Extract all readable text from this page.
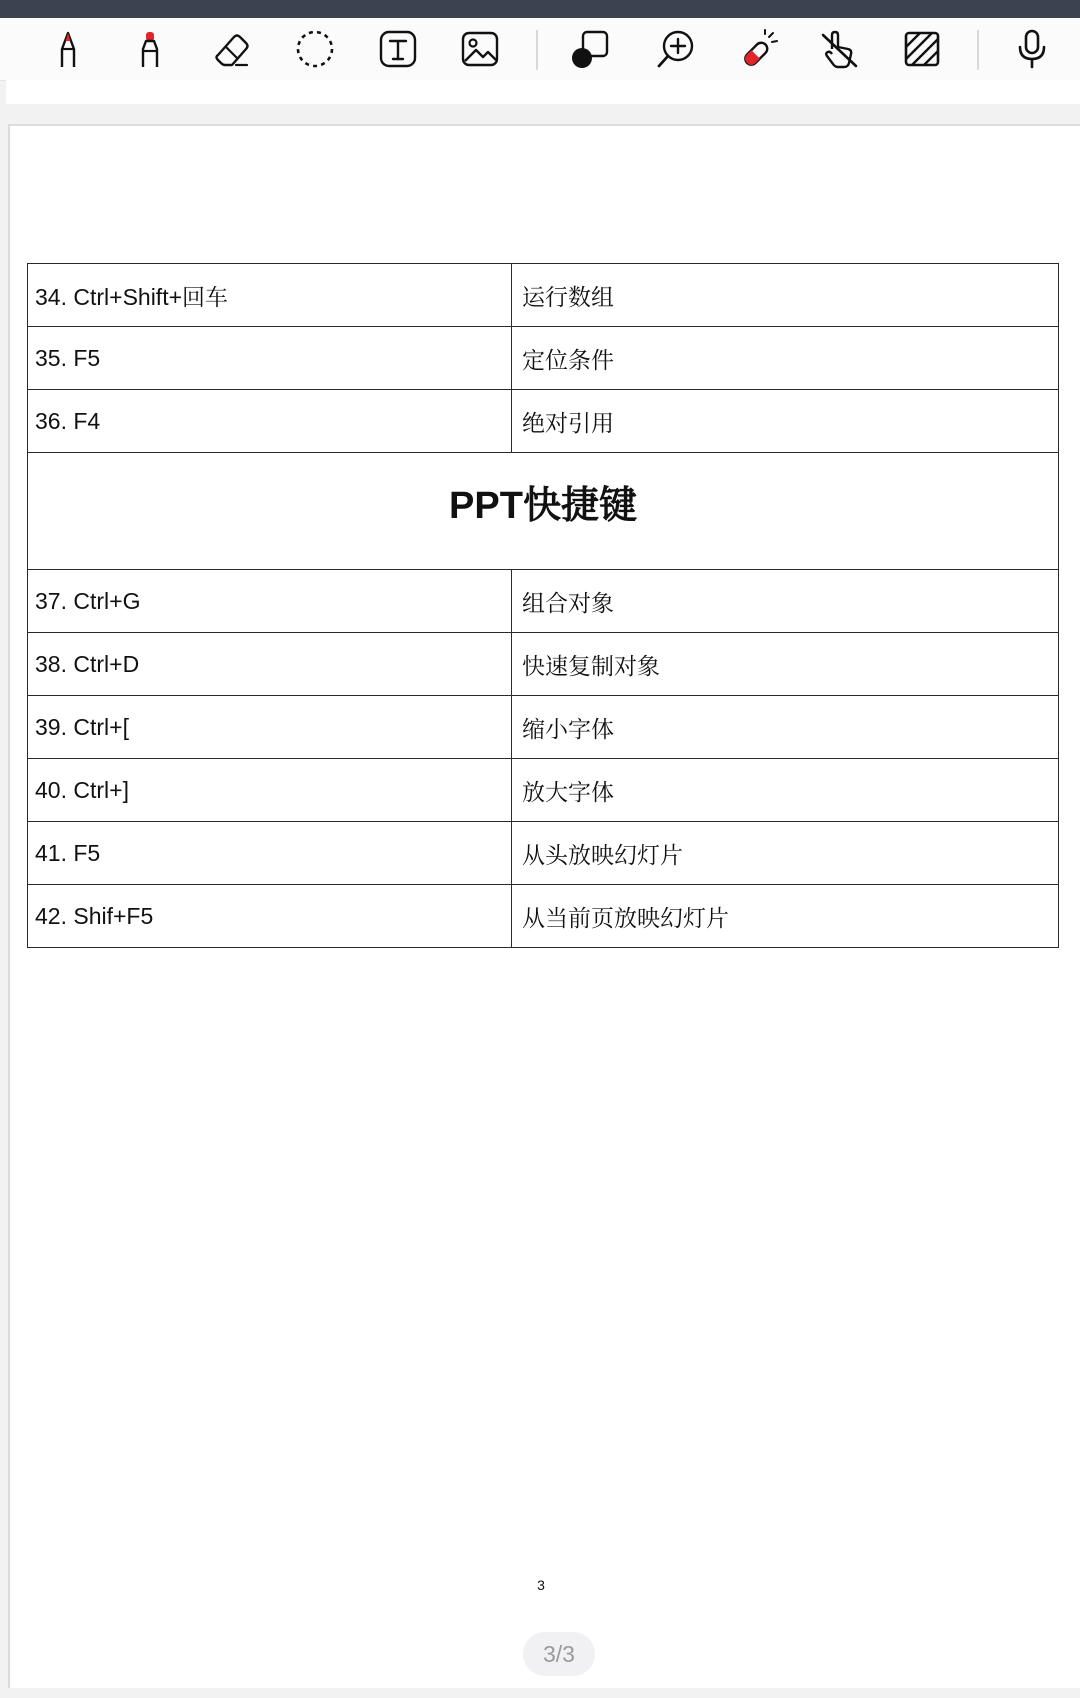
34. Ctrl+Shift+回车	运行数组
35. F5	定位条件
36. F4	绝对引用
PPT快捷键	
37. Ctrl+G	组合对象
38. Ctrl+D	快速复制对象
39. Ctrl+[	缩小字体
40. Ctrl+]	放大字体
41. F5	从头放映幻灯片
42. Shif+F5	从当前页放映幻灯片
3
3/3
